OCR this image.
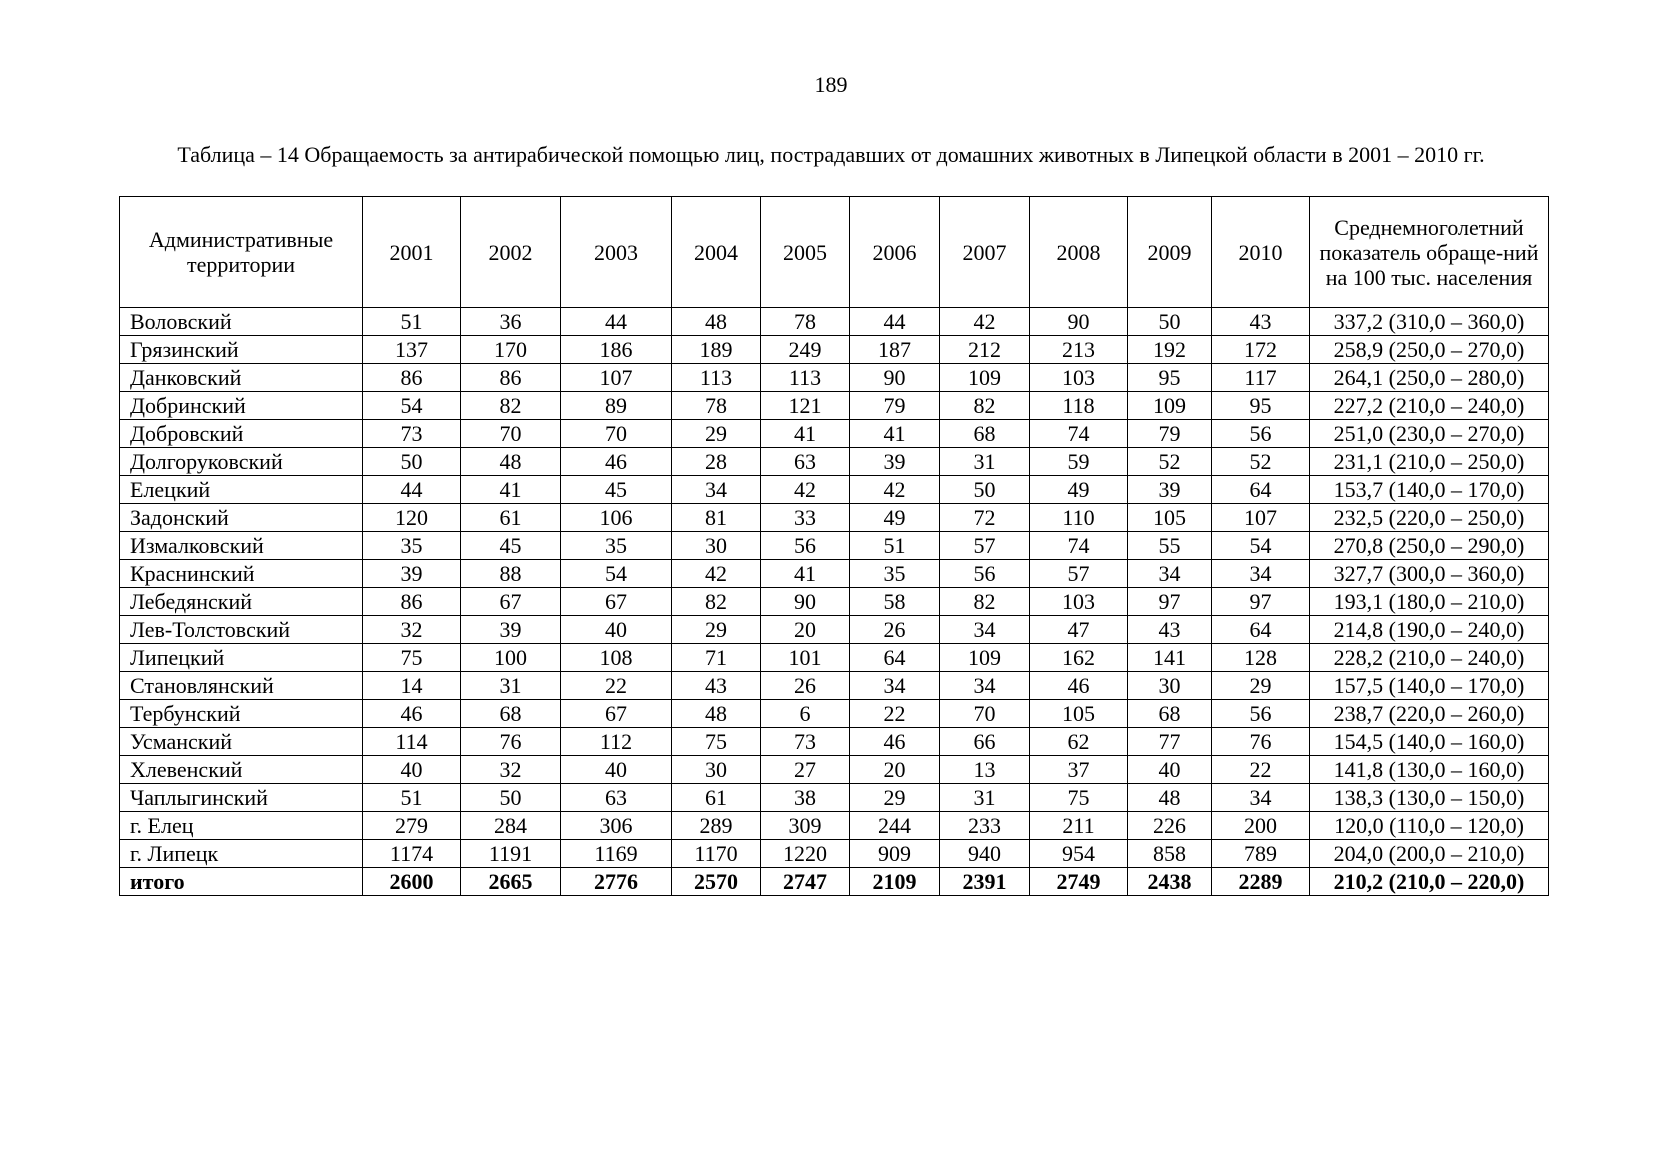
189
Таблица – 14 Обращаемость за антирабической помощью лиц, пострадавших от домашних животных в Липецкой области в 2001 – 2010 гг.
Административные территории	2001	2002	2003	2004	2005	2006	2007	2008	2009	2010	Среднемноголетний показатель обраще-ний на 100 тыс. населения
Воловский	51	36	44	48	78	44	42	90	50	43	337,2 (310,0 – 360,0)
Грязинский	137	170	186	189	249	187	212	213	192	172	258,9 (250,0 – 270,0)
Данковский	86	86	107	113	113	90	109	103	95	117	264,1 (250,0 – 280,0)
Добринский	54	82	89	78	121	79	82	118	109	95	227,2 (210,0 – 240,0)
Добровский	73	70	70	29	41	41	68	74	79	56	251,0 (230,0 – 270,0)
Долгоруковский	50	48	46	28	63	39	31	59	52	52	231,1 (210,0 – 250,0)
Елецкий	44	41	45	34	42	42	50	49	39	64	153,7 (140,0 – 170,0)
Задонский	120	61	106	81	33	49	72	110	105	107	232,5 (220,0 – 250,0)
Измалковский	35	45	35	30	56	51	57	74	55	54	270,8 (250,0 – 290,0)
Краснинский	39	88	54	42	41	35	56	57	34	34	327,7 (300,0 – 360,0)
Лебедянский	86	67	67	82	90	58	82	103	97	97	193,1 (180,0 – 210,0)
Лев-Толстовский	32	39	40	29	20	26	34	47	43	64	214,8 (190,0 – 240,0)
Липецкий	75	100	108	71	101	64	109	162	141	128	228,2 (210,0 – 240,0)
Становлянский	14	31	22	43	26	34	34	46	30	29	157,5 (140,0 – 170,0)
Тербунский	46	68	67	48	6	22	70	105	68	56	238,7 (220,0 – 260,0)
Усманский	114	76	112	75	73	46	66	62	77	76	154,5 (140,0 – 160,0)
Хлевенский	40	32	40	30	27	20	13	37	40	22	141,8 (130,0 – 160,0)
Чаплыгинский	51	50	63	61	38	29	31	75	48	34	138,3 (130,0 – 150,0)
г. Елец	279	284	306	289	309	244	233	211	226	200	120,0 (110,0 – 120,0)
г. Липецк	1174	1191	1169	1170	1220	909	940	954	858	789	204,0 (200,0 – 210,0)
итого	2600	2665	2776	2570	2747	2109	2391	2749	2438	2289	210,2 (210,0 – 220,0)
